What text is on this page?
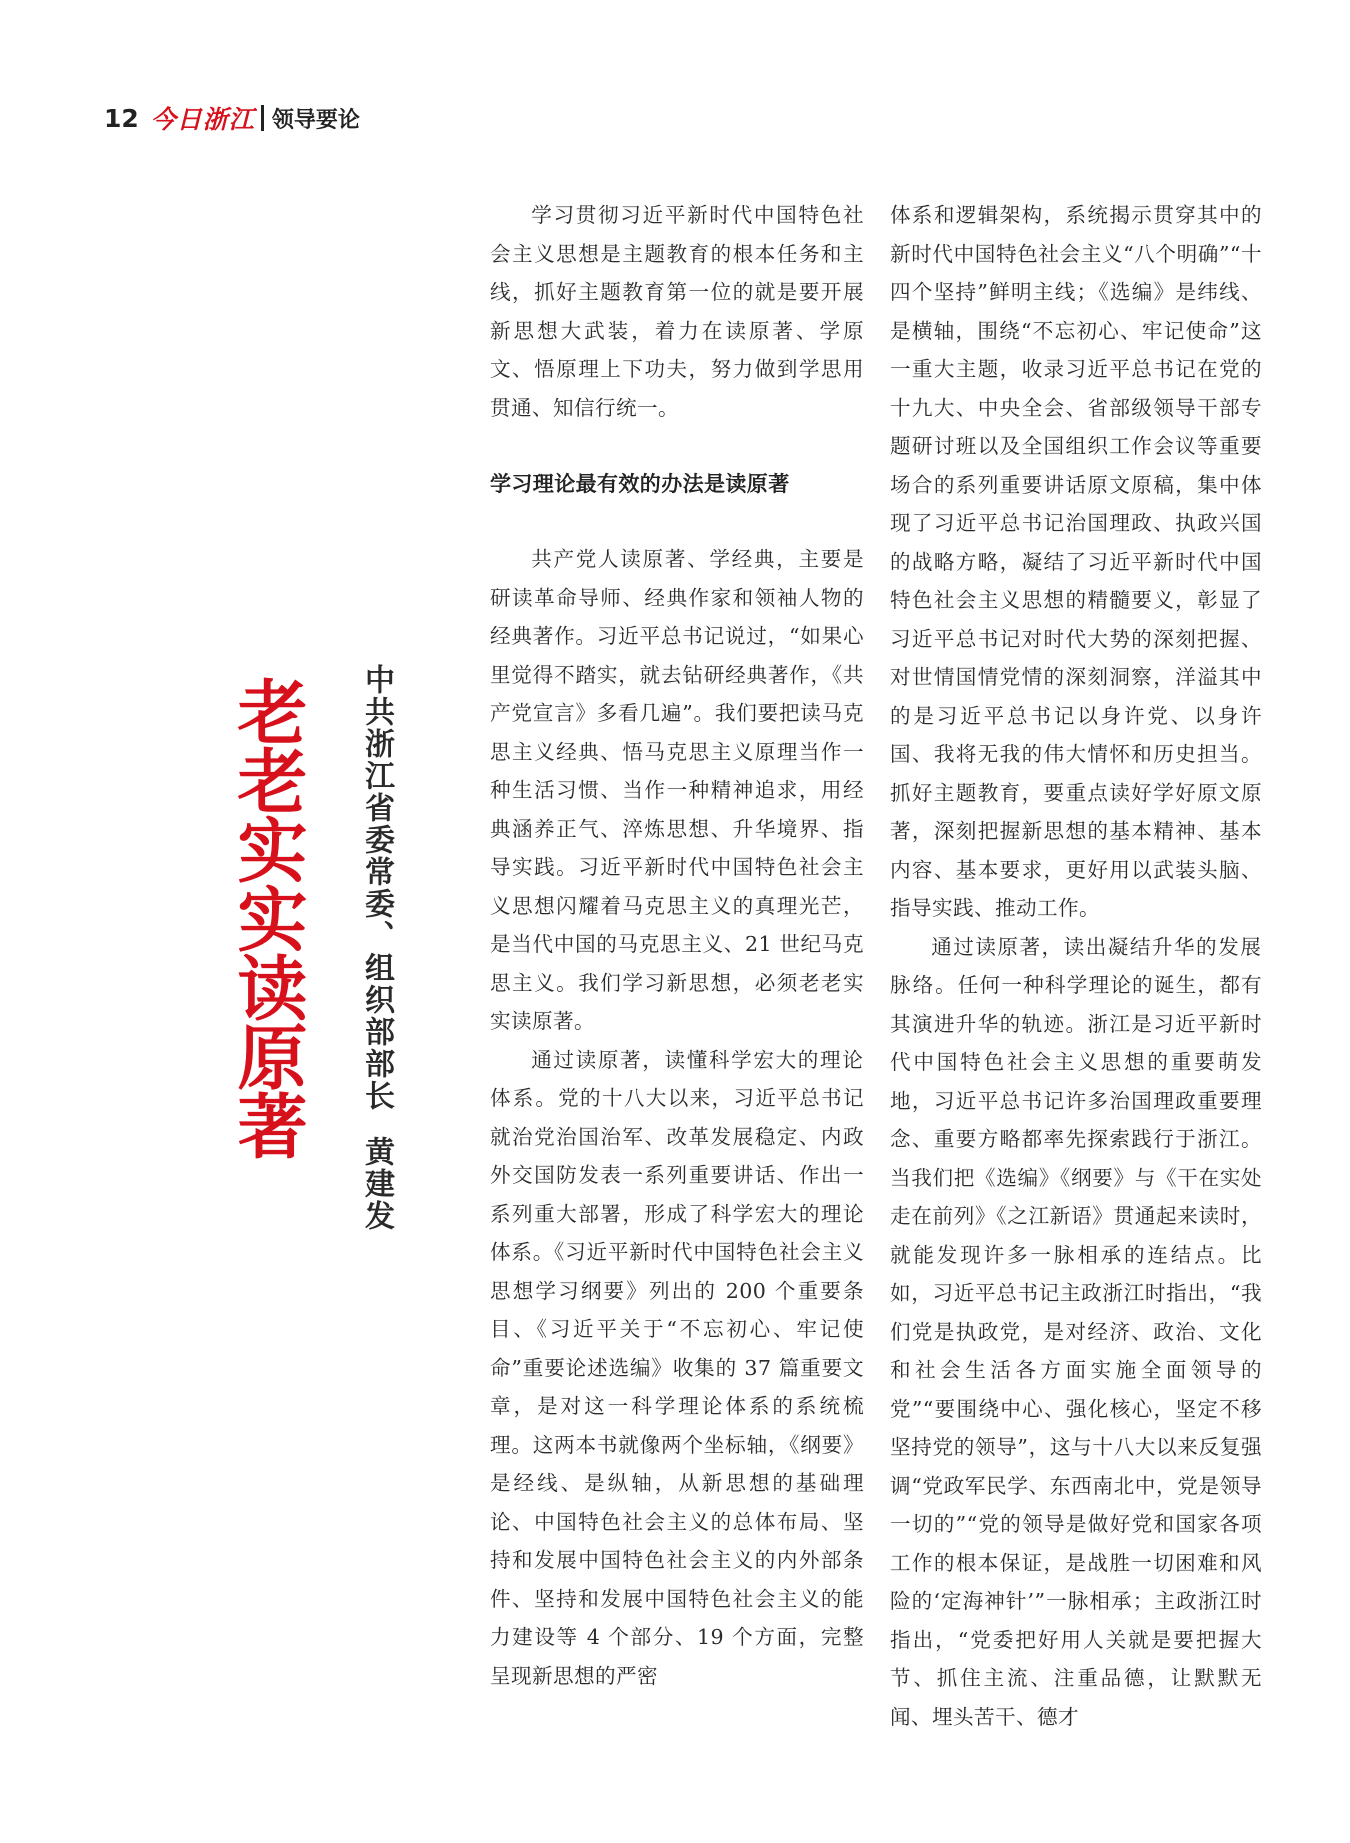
12 今日浙江 领导要论
老老实实读原著 中共浙江省委常委、组织部部长黄建发

学习贯彻习近平新时代中国特色社会主义思想是主题教育的根本任务和主线，抓好主题教育第一位的就是要开展新思想大武装，着力在读原著、学原文、悟原理上下功夫，努力做到学思用贯通、知信行统一。

学习理论最有效的办法是读原著

共产党人读原著、学经典，主要是研读革命导师、经典作家和领袖人物的经典著作。习近平总书记说过，“如果心里觉得不踏实，就去钻研经典著作，《共产党宣言》多看几遍”。我们要把读马克思主义经典、悟马克思主义原理当作一种生活习惯、当作一种精神追求，用经典涵养正气、淬炼思想、升华境界、指导实践。习近平新时代中国特色社会主义思想闪耀着马克思主义的真理光芒，是当代中国的马克思主义、21 世纪马克思主义。我们学习新思想，必须老老实实读原著。

通过读原著，读懂科学宏大的理论体系。党的十八大以来，习近平总书记就治党治国治军、改革发展稳定、内政外交国防发表一系列重要讲话、作出一系列重大部署，形成了科学宏大的理论体系。《习近平新时代中国特色社会主义思想学习纲要》列出的 200 个重要条目、《习近平关于“不忘初心、牢记使命”重要论述选编》收集的 37 篇重要文章，是对这一科学理论体系的系统梳理。这两本书就像两个坐标轴，《纲要》是经线、是纵轴，从新思想的基础理论、中国特色社会主义的总体布局、坚持和发展中国特色社会主义的内外部条件、坚持和发展中国特色社会主义的能力建设等 4 个部分、19 个方面，完整呈现新思想的严密

体系和逻辑架构，系统揭示贯穿其中的新时代中国特色社会主义“八个明确”“十四个坚持”鲜明主线；《选编》是纬线、是横轴，围绕“不忘初心、牢记使命”这一重大主题，收录习近平总书记在党的十九大、中央全会、省部级领导干部专题研讨班以及全国组织工作会议等重要场合的系列重要讲话原文原稿，集中体现了习近平总书记治国理政、执政兴国的战略方略，凝结了习近平新时代中国特色社会主义思想的精髓要义，彰显了习近平总书记对时代大势的深刻把握、对世情国情党情的深刻洞察，洋溢其中的是习近平总书记以身许党、以身许国、我将无我的伟大情怀和历史担当。抓好主题教育，要重点读好学好原文原著，深刻把握新思想的基本精神、基本内容、基本要求，更好用以武装头脑、指导实践、推动工作。

通过读原著，读出凝结升华的发展脉络。任何一种科学理论的诞生，都有其演进升华的轨迹。浙江是习近平新时代中国特色社会主义思想的重要萌发地，习近平总书记许多治国理政重要理念、重要方略都率先探索践行于浙江。当我们把《选编》《纲要》与《干在实处走在前列》《之江新语》贯通起来读时，就能发现许多一脉相承的连结点。比如，习近平总书记主政浙江时指出，“我们党是执政党，是对经济、政治、文化和社会生活各方面实施全面领导的党”“要围绕中心、强化核心，坚定不移坚持党的领导”，这与十八大以来反复强调“党政军民学、东西南北中，党是领导一切的”“党的领导是做好党和国家各项工作的根本保证，是战胜一切困难和风险的‘定海神针’”一脉相承；主政浙江时指出，“党委把好用人关就是要把握大节、抓住主流、注重品德，让默默无闻、埋头苦干、德才
